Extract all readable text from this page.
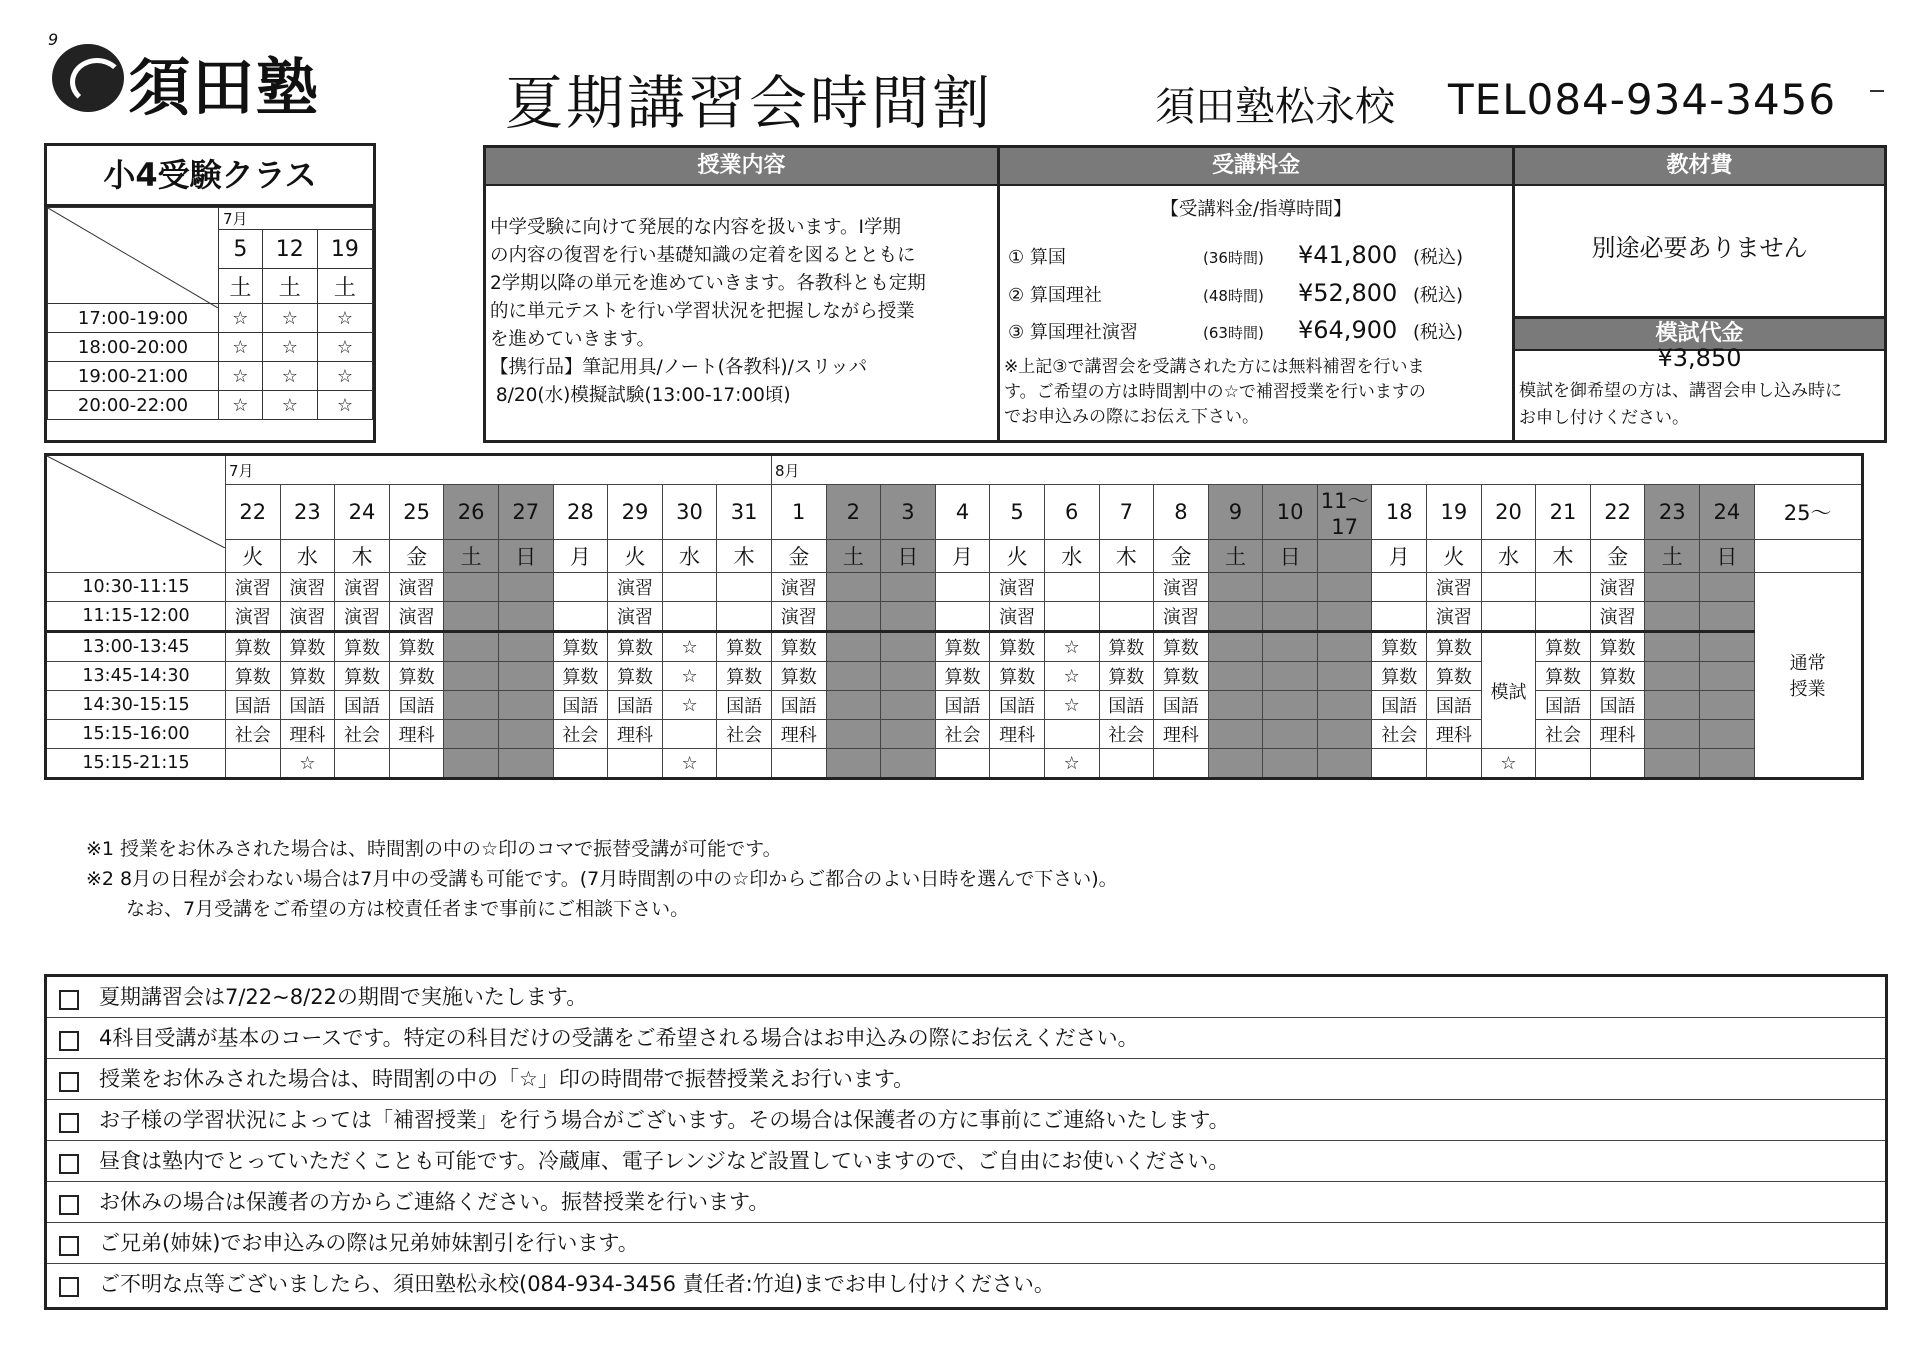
9
須田塾	夏期講習会時間割	須田塾松永校 TEL084-934-3456
小4受験クラス
	7月		
	5	12	19
	土	土	土
17:00-19:00	☆	☆	☆
18:00-20:00	☆	☆	☆
19:00-21:00	☆	☆	☆
20:00-22:00	☆	☆	☆
授業内容	受講料金	教材費
中学受験に向けて発展的な内容を扱います。I学期
の内容の復習を行い基礎知識の定着を図るとともに
2学期以降の単元を進めていきます。各教科とも定期
的に単元テストを行い学習状況を把握しながら授業
を進めていきます。
【携行品】筆記用具/ノート(各教科)/スリッパ
8/20(水)模擬試験(13:00-17:00頃)
【受講料金/指導時間】
① 算国	(36時間) ¥41,800 (税込)
② 算国理社	(48時間) ¥52,800 (税込)
③ 算国理社演習	(63時間) ¥64,900 (税込)
※上記③で講習会を受講された方には無料補習を行いま
す。ご希望の方は時間割中の☆で補習授業を行いますの
でお申込みの際にお伝え下さい。
別途必要ありません
模試代金
¥3,850
模試を御希望の方は、講習会申し込み時に
お申し付けください。
	7月										8月																		
	22	23	24	25	26	27	28	29	30	31	1	2	3	4	5	6	7	8	9	10	11～17	18	19	20	21	22	23	24	25～
	火	水	木	金	土	日	月	火	水	木	金	土	日	月	火	水	木	金	土	日		月	火	水	木	金	土	日	
10:30-11:15	演習	演習	演習	演習				演習			演習				演習			演習					演習			演習			通常
授業

11:15-12:00	演習	演習	演習	演習				演習			演習				演習			演習					演習			演習			
13:00-13:45	算数	算数	算数	算数			算数	算数	☆	算数	算数			算数	算数	☆	算数	算数				算数	算数	模試	算数	算数			
13:45-14:30	算数	算数	算数	算数			算数	算数	☆	算数	算数			算数	算数	☆	算数	算数				算数	算数		算数	算数			
14:30-15:15	国語	国語	国語	国語			国語	国語	☆	国語	国語			国語	国語	☆	国語	国語				国語	国語		国語	国語			
15:15-16:00	社会	理科	社会	理科			社会	理科		社会	理科			社会	理科		社会	理科				社会	理科		社会	理科			
15:15-21:15		☆							☆							☆								☆					
※1 授業をお休みされた場合は、時間割の中の☆印のコマで振替受講が可能です。
※2 8月の日程が会わない場合は7月中の受講も可能です。(7月時間割の中の☆印からご都合のよい日時を選んで下さい)。
なお、7月受講をご希望の方は校責任者まで事前にご相談下さい。
夏期講習会は7/22~8/22の期間で実施いたします。
4科目受講が基本のコースです。特定の科目だけの受講をご希望される場合はお申込みの際にお伝えください。
授業をお休みされた場合は、時間割の中の「☆」印の時間帯で振替授業えお行います。
お子様の学習状況によっては「補習授業」を行う場合がございます。その場合は保護者の方に事前にご連絡いたします。
昼食は塾内でとっていただくことも可能です。冷蔵庫、電子レンジなど設置していますので、ご自由にお使いください。
お休みの場合は保護者の方からご連絡ください。振替授業を行います。
ご兄弟(姉妹)でお申込みの際は兄弟姉妹割引を行います。
ご不明な点等ございましたら、須田塾松永校(084-934-3456 責任者:竹迫)までお申し付けください。
